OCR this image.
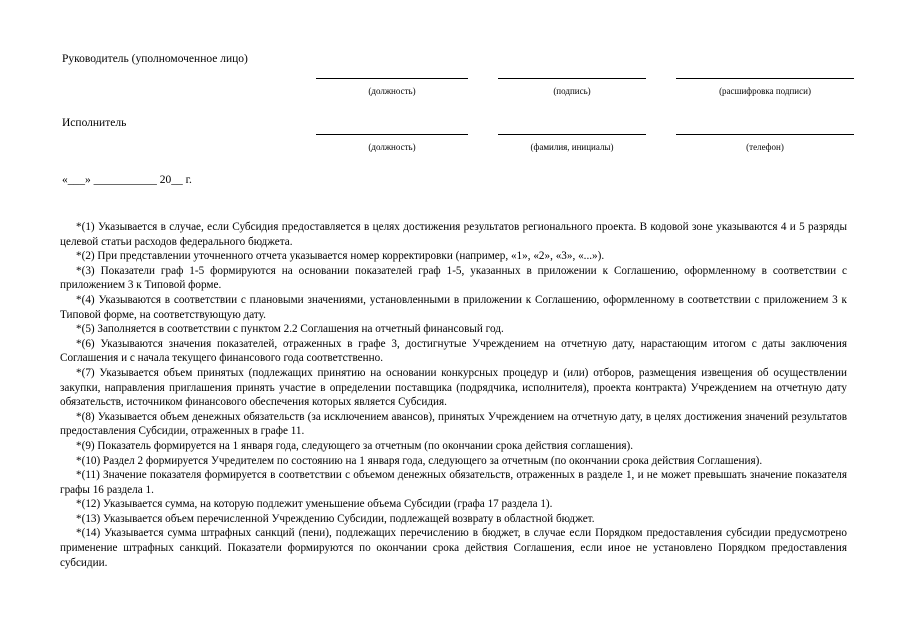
Руководитель (уполномоченное лицо)
(должность)	(подпись)	(расшифровка подписи)
Исполнитель
(должность)	(фамилия, инициалы)	(телефон)
«___» ___________ 20__ г.

*(1) Указывается в случае, если Субсидия предоставляется в целях достижения результатов регионального проекта. В кодовой зоне указываются 4 и 5 разряды целевой статьи расходов федерального бюджета.

*(2) При представлении уточненного отчета указывается номер корректировки (например, «1», «2», «3», «...»).

*(3) Показатели граф 1-5 формируются на основании показателей граф 1-5, указанных в приложении к Соглашению, оформленному в соответствии с приложением 3 к Типовой форме.

*(4) Указываются в соответствии с плановыми значениями, установленными в приложении к Соглашению, оформленному в соответствии с приложением 3 к Типовой форме, на соответствующую дату.

*(5) Заполняется в соответствии с пунктом 2.2 Соглашения на отчетный финансовый год.

*(6) Указываются значения показателей, отраженных в графе 3, достигнутые Учреждением на отчетную дату, нарастающим итогом с даты заключения Соглашения и с начала текущего финансового года соответственно.

*(7) Указывается объем принятых (подлежащих принятию на основании конкурсных процедур и (или) отборов, размещения извещения об осуществлении закупки, направления приглашения принять участие в определении поставщика (подрядчика, исполнителя), проекта контракта) Учреждением на отчетную дату обязательств, источником финансового обеспечения которых является Субсидия.

*(8) Указывается объем денежных обязательств (за исключением авансов), принятых Учреждением на отчетную дату, в целях достижения значений результатов предоставления Субсидии, отраженных в графе 11.

*(9) Показатель формируется на 1 января года, следующего за отчетным (по окончании срока действия соглашения).

*(10) Раздел 2 формируется Учредителем по состоянию на 1 января года, следующего за отчетным (по окончании срока действия Соглашения).

*(11) Значение показателя формируется в соответствии с объемом денежных обязательств, отраженных в разделе 1, и не может превышать значение показателя графы 16 раздела 1.

*(12) Указывается сумма, на которую подлежит уменьшение объема Субсидии (графа 17 раздела 1).

*(13) Указывается объем перечисленной Учреждению Субсидии, подлежащей возврату в областной бюджет.

*(14) Указывается сумма штрафных санкций (пени), подлежащих перечислению в бюджет, в случае если Порядком предоставления субсидии предусмотрено применение штрафных санкций. Показатели формируются по окончании срока действия Соглашения, если иное не установлено Порядком предоставления субсидии.
